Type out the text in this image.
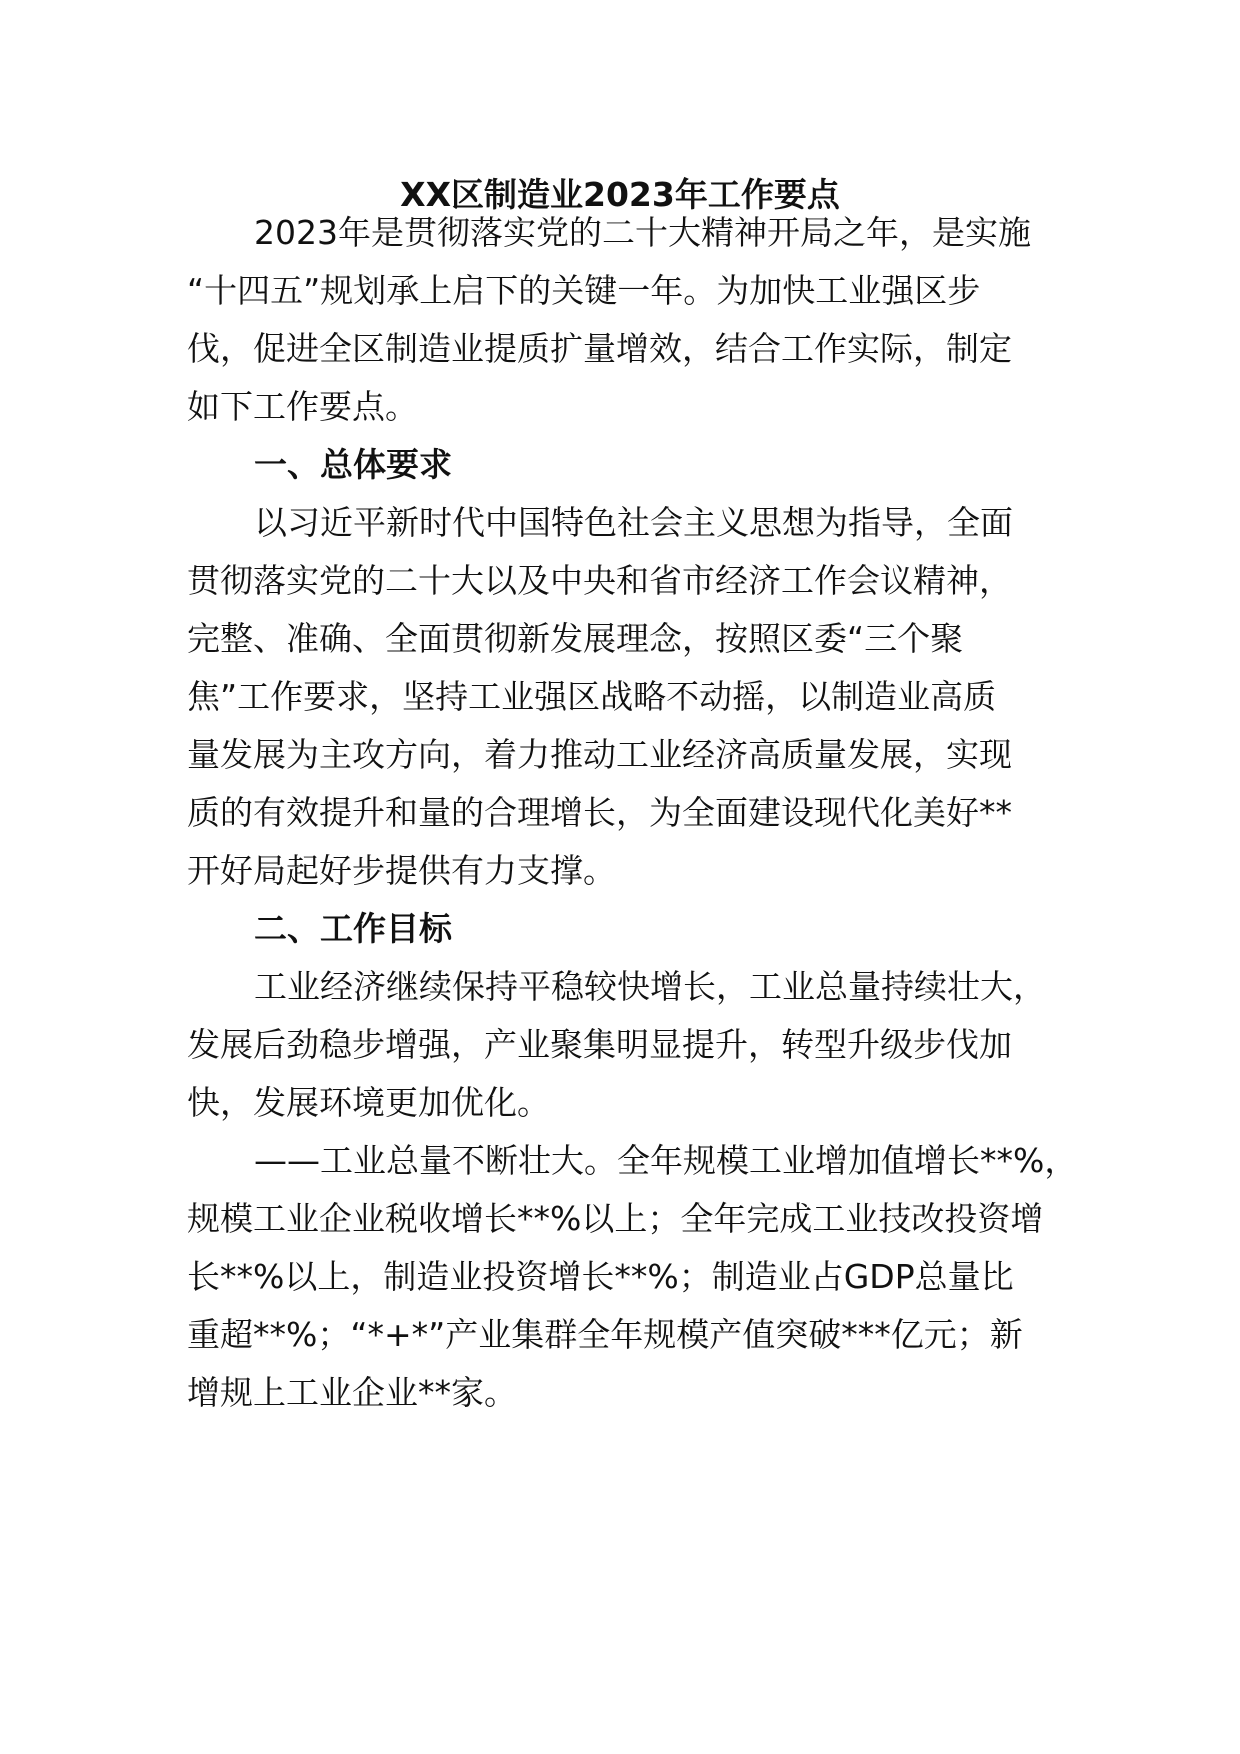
XX区制造业2023年工作要点
2023年是贯彻落实党的二十大精神开局之年，是实施
“十四五”规划承上启下的关键一年。为加快工业强区步
伐，促进全区制造业提质扩量增效，结合工作实际，制定
如下工作要点。
一、总体要求
以习近平新时代中国特色社会主义思想为指导，全面
贯彻落实党的二十大以及中央和省市经济工作会议精神，
完整、准确、全面贯彻新发展理念，按照区委“三个聚
焦”工作要求，坚持工业强区战略不动摇，以制造业高质
量发展为主攻方向，着力推动工业经济高质量发展，实现
质的有效提升和量的合理增长，为全面建设现代化美好**
开好局起好步提供有力支撑。
二、工作目标
工业经济继续保持平稳较快增长，工业总量持续壮大，
发展后劲稳步增强，产业聚集明显提升，转型升级步伐加
快，发展环境更加优化。
——工业总量不断壮大。全年规模工业增加值增长**%，
规模工业企业税收增长**%以上；全年完成工业技改投资增
长**%以上，制造业投资增长**%；制造业占GDP总量比
重超**%；“*+*”产业集群全年规模产值突破***亿元；新
增规上工业企业**家。
